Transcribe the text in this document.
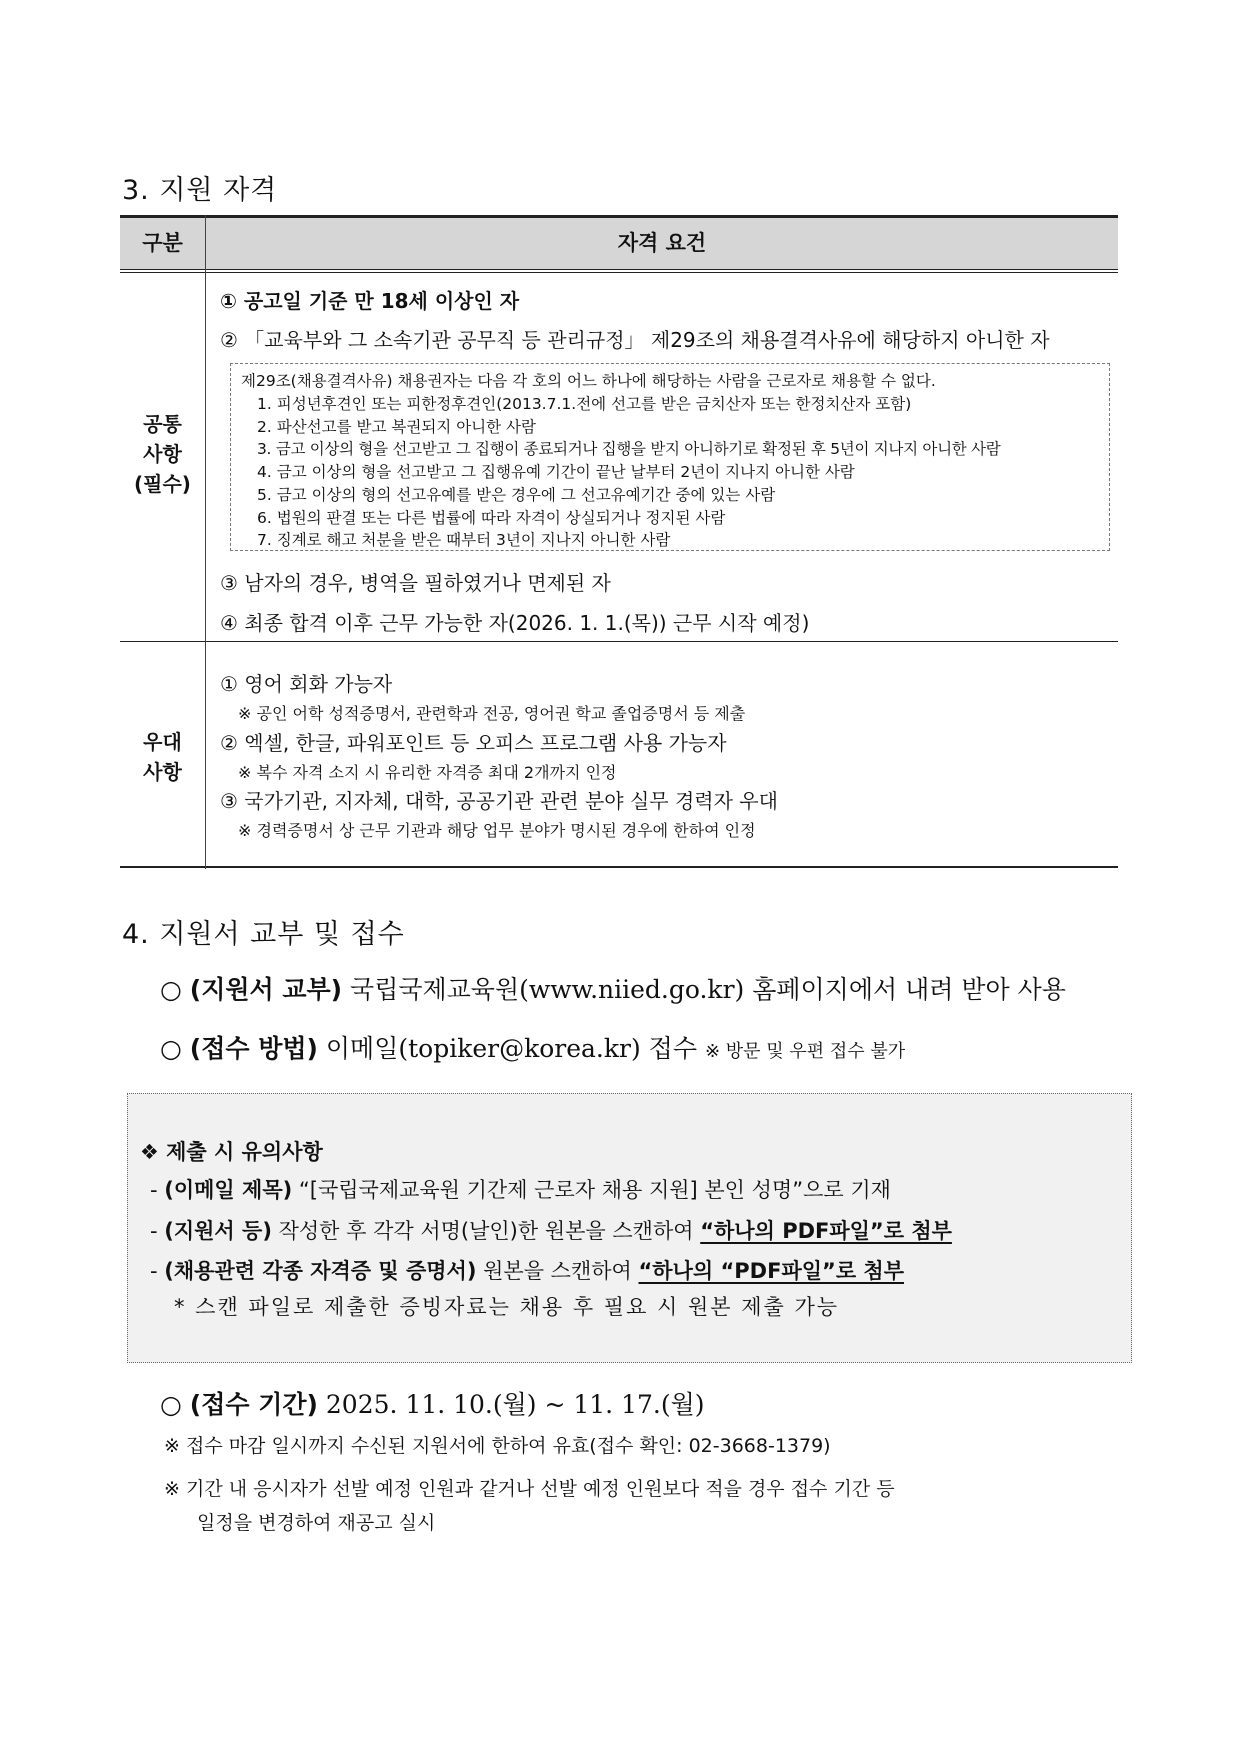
3. 지원 자격
구분	자격 요건
공통
사항
(필수)
① 공고일 기준 만 18세 이상인 자
② 「교육부와 그 소속기관 공무직 등 관리규정」 제29조의 채용결격사유에 해당하지 아니한 자
제29조(채용결격사유) 채용권자는 다음 각 호의 어느 하나에 해당하는 사람을 근로자로 채용할 수 없다.
1. 피성년후견인 또는 피한정후견인(2013.7.1.전에 선고를 받은 금치산자 또는 한정치산자 포함)
2. 파산선고를 받고 복권되지 아니한 사람
3. 금고 이상의 형을 선고받고 그 집행이 종료되거나 집행을 받지 아니하기로 확정된 후 5년이 지나지 아니한 사람
4. 금고 이상의 형을 선고받고 그 집행유예 기간이 끝난 날부터 2년이 지나지 아니한 사람
5. 금고 이상의 형의 선고유예를 받은 경우에 그 선고유예기간 중에 있는 사람
6. 법원의 판결 또는 다른 법률에 따라 자격이 상실되거나 정지된 사람
7. 징계로 해고 처분을 받은 때부터 3년이 지나지 아니한 사람
③ 남자의 경우, 병역을 필하였거나 면제된 자
④ 최종 합격 이후 근무 가능한 자(2026. 1. 1.(목)) 근무 시작 예정)
우대
사항
① 영어 회화 가능자
※ 공인 어학 성적증명서, 관련학과 전공, 영어권 학교 졸업증명서 등 제출
② 엑셀, 한글, 파워포인트 등 오피스 프로그램 사용 가능자
※ 복수 자격 소지 시 유리한 자격증 최대 2개까지 인정
③ 국가기관, 지자체, 대학, 공공기관 관련 분야 실무 경력자 우대
※ 경력증명서 상 근무 기관과 해당 업무 분야가 명시된 경우에 한하여 인정
4. 지원서 교부 및 접수
○ (지원서 교부) 국립국제교육원(www.niied.go.kr) 홈페이지에서 내려 받아 사용
○ (접수 방법) 이메일(topiker@korea.kr) 접수 ※ 방문 및 우편 접수 불가
❖ 제출 시 유의사항
- (이메일 제목) “[국립국제교육원 기간제 근로자 채용 지원] 본인 성명”으로 기재
- (지원서 등) 작성한 후 각각 서명(날인)한 원본을 스캔하여 “하나의 PDF파일”로 첨부
- (채용관련 각종 자격증 및 증명서) 원본을 스캔하여 “하나의 “PDF파일”로 첨부
* 스캔 파일로 제출한 증빙자료는 채용 후 필요 시 원본 제출 가능
○ (접수 기간) 2025. 11. 10.(월) ~ 11. 17.(월)
※ 접수 마감 일시까지 수신된 지원서에 한하여 유효(접수 확인: 02-3668-1379)
※ 기간 내 응시자가 선발 예정 인원과 같거나 선발 예정 인원보다 적을 경우 접수 기간 등
일정을 변경하여 재공고 실시
